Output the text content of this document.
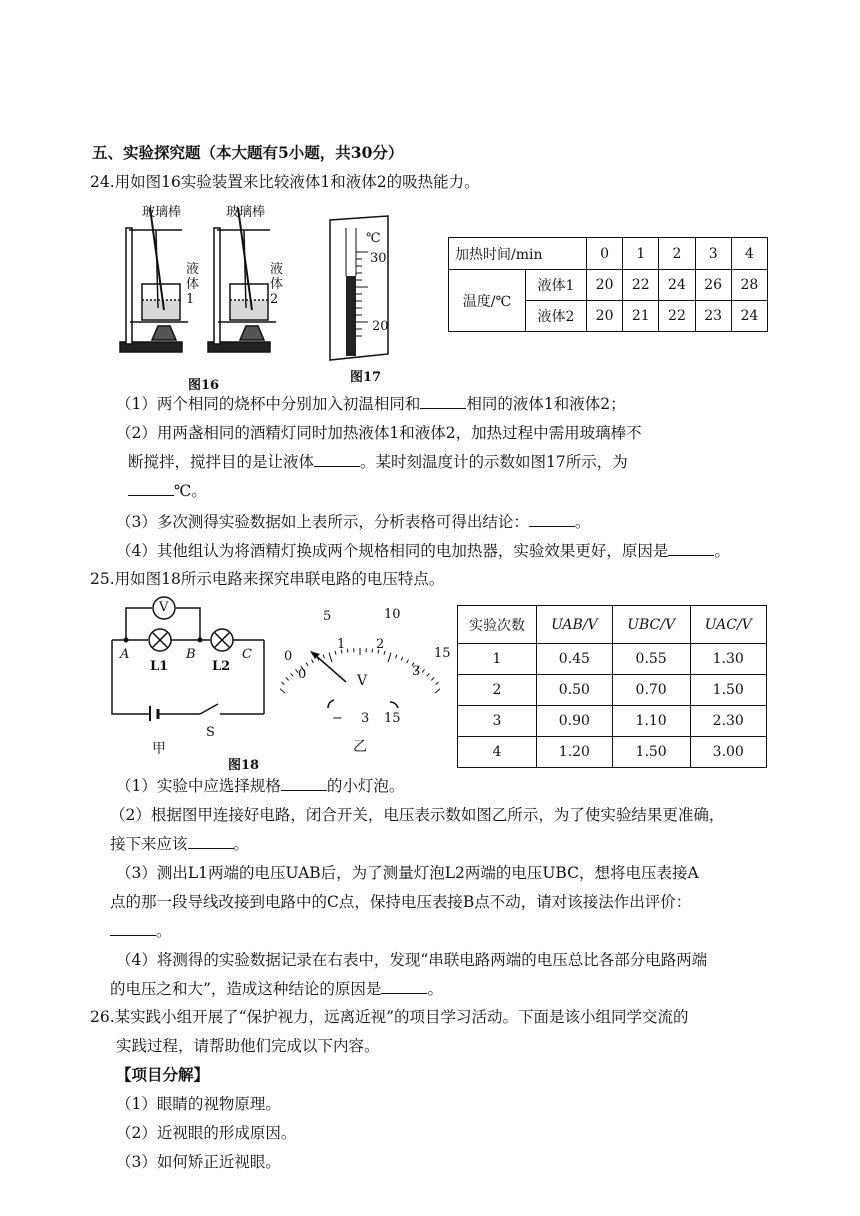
五、实验探究题（本大题有5小题，共30分）
24.用如图16实验装置来比较液体1和液体2的吸热能力。
玻璃棒	玻璃棒
液体1
液体2
图16
℃
30
20
图17
加热时间/min		0	1	2	3	4
温度/℃	液体1	20	22	24	26	28
	液体2	20	21	22	23	24
（1）两个相同的烧杯中分别加入初温相同和	相同的液体1和液体2；
（2）用两盏相同的酒精灯同时加热液体1和液体2，加热过程中需用玻璃棒不
断搅拌，搅拌目的是让液体	。某时刻温度计的示数如图17所示，为
℃。
（3）多次测得实验数据如上表所示，分析表格可得出结论：	。
（4）其他组认为将酒精灯换成两个规格相同的电加热器，实验效果更好，原因是	。
25.用如图18所示电路来探究串联电路的电压特点。
V
A	B	C
L1	L2
S
甲
图18
5	10
15
0
0
1 2
3
V
− 3 15
乙
实验次数	UAB/V	UBC/V	UAC/V
1	0.45	0.55	1.30
2	0.50	0.70	1.50
3	0.90	1.10	2.30
4	1.20	1.50	3.00
（1）实验中应选择规格	的小灯泡。
（2）根据图甲连接好电路，闭合开关，电压表示数如图乙所示，为了使实验结果更准确，
接下来应该	。
（3）测出L1两端的电压UAB后，为了测量灯泡L2两端的电压UBC，想将电压表接A
点的那一段导线改接到电路中的C点，保持电压表接B点不动，请对该接法作出评价：
。
（4）将测得的实验数据记录在右表中，发现“串联电路两端的电压总比各部分电路两端
的电压之和大”，造成这种结论的原因是	。
26.某实践小组开展了“保护视力，远离近视”的项目学习活动。下面是该小组同学交流的
实践过程，请帮助他们完成以下内容。
【项目分解】
（1）眼睛的视物原理。
（2）近视眼的形成原因。
（3）如何矫正近视眼。
